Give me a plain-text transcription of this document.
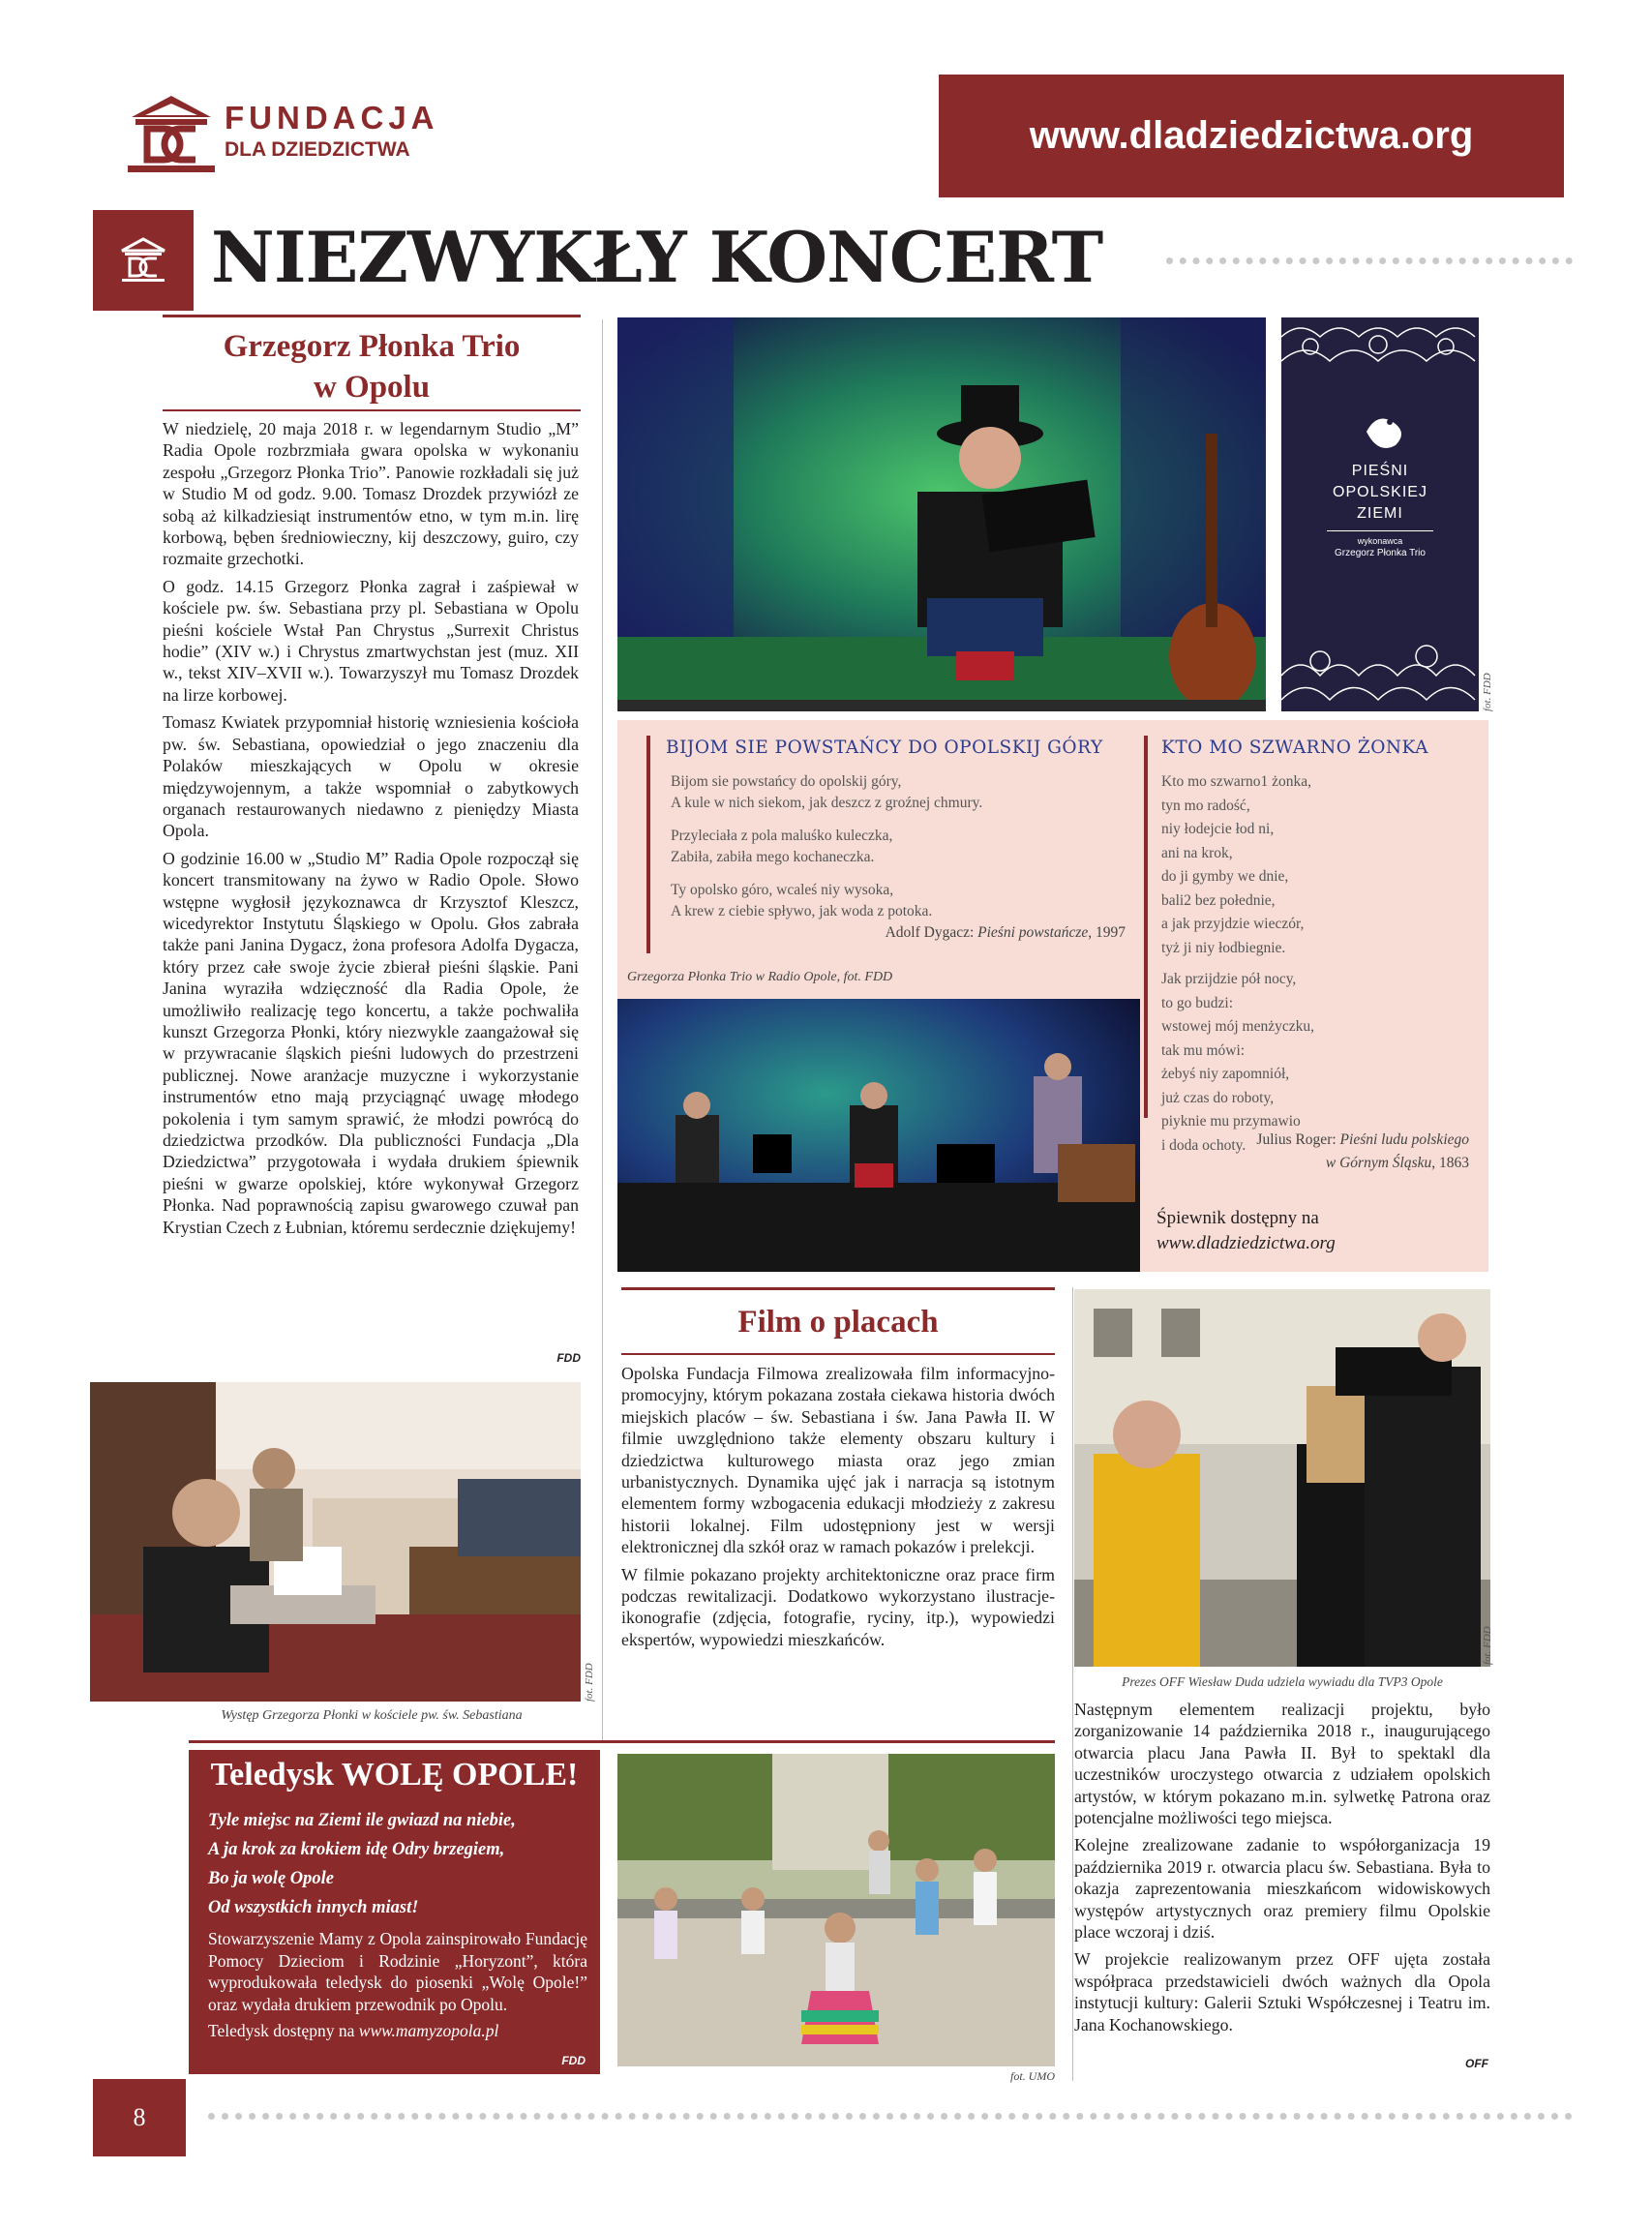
FUNDACJA
DLA DZIEDZICTWA	www.dladziedzictwa.org
NIEZWYKŁY KONCERT
Grzegorz Płonka Trio
w Opolu

W niedzielę, 20 maja 2018 r. w legendarnym Studio „M” Radia Opole rozbrzmiała gwara opolska w wykonaniu zespołu „Grzegorz Płonka Trio”. Panowie rozkładali się już w Studio M od godz. 9.00. Tomasz Drozdek przywiózł ze sobą aż kilkadziesiąt instrumentów etno, w tym m.in. lirę korbową, bęben średniowieczny, kij deszczowy, guiro, czy rozmaite grzechotki.

O godz. 14.15 Grzegorz Płonka zagrał i zaśpiewał w kościele pw. św. Sebastiana przy pl. Sebastiana w Opolu pieśni kościele Wstał Pan Chrystus „Surrexit Christus hodie” (XIV w.) i Chrystus zmartwychstan jest (muz. XII w., tekst XIV–XVII w.). Towarzyszył mu Tomasz Drozdek na lirze korbowej.

Tomasz Kwiatek przypomniał historię wzniesienia kościoła pw. św. Sebastiana, opowiedział o jego znaczeniu dla Polaków mieszkających w Opolu w okresie międzywojennym, a także wspomniał o zabytkowych organach restaurowanych niedawno z pieniędzy Miasta Opola.

O godzinie 16.00 w „Studio M” Radia Opole rozpoczął się koncert transmitowany na żywo w Radio Opole. Słowo wstępne wygłosił językoznawca dr Krzysztof Kleszcz, wicedyrektor Instytutu Śląskiego w Opolu. Głos zabrała także pani Janina Dygacz, żona profesora Adolfa Dygacza, który przez całe swoje życie zbierał pieśni śląskie. Pani Janina wyraziła wdzięczność dla Radia Opole, że umożliwiło realizację tego koncertu, a także pochwaliła kunszt Grzegorza Płonki, który niezwykle zaangażował się w przywracanie śląskich pieśni ludowych do przestrzeni publicznej. Nowe aranżacje muzyczne i wykorzystanie instrumentów etno mają przyciągnąć uwagę młodego pokolenia i tym samym sprawić, że młodzi powrócą do dziedzictwa przodków. Dla publiczności Fundacja „Dla Dziedzictwa” przygotowała i wydała drukiem śpiewnik pieśni w gwarze opolskiej, które wykonywał Grzegorz Płonka. Nad poprawnością zapisu gwarowego czuwał pan Krystian Czech z Łubnian, któremu serdecznie dziękujemy!

FDD
fot. FDD
Występ Grzegorza Płonki w kościele pw. św. Sebastiana
PIEŚNI
OPOLSKIEJ
ZIEMI
wykonawca
Grzegorz Płonka Trio
fot. FDD
BIJOM SIE POWSTAŃCY DO OPOLSKIJ GÓRY

Bijom sie powstańcy do opolskij góry,
A kule w nich siekom, jak deszcz z groźnej chmury.

Przyleciała z pola maluśko kuleczka,
Zabiła, zabiła mego kochaneczka.

Ty opolsko góro, wcaleś niy wysoka,
A krew z ciebie spływo, jak woda z potoka.

Adolf Dygacz: Pieśni powstańcze, 1997
KTO MO SZWARNO ŻONKA

Kto mo szwarno1 żonka,
tyn mo radość,
niy łodejcie łod ni,
ani na krok,
do ji gymby we dnie,
bali2 bez połednie,
a jak przyjdzie wieczór,
tyż ji niy łodbiegnie.

Jak przijdzie pół nocy,
to go budzi:
wstowej mój menżyczku,
tak mu mówi:
żebyś niy zapomniół,
już czas do roboty,
piyknie mu przymawio
i doda ochoty. Julius Roger: Pieśni ludu polskiego
w Górnym Śląsku, 1863
Śpiewnik dostępny na
www.dladziedzictwa.org
Grzegorza Płonka Trio w Radio Opole, fot. FDD
Film o placach

Opolska Fundacja Filmowa zrealizowała film informacyjno-promocyjny, którym pokazana została ciekawa historia dwóch miejskich placów – św. Sebastiana i św. Jana Pawła II. W filmie uwzględniono także elementy obszaru kultury i dziedzictwa kulturowego miasta oraz jego zmian urbanistycznych. Dynamika ujęć jak i narracja są istotnym elementem formy wzbogacenia edukacji młodzieży z zakresu historii lokalnej. Film udostępniony jest w wersji elektronicznej dla szkół oraz w ramach pokazów i prelekcji.

W filmie pokazano projekty architektoniczne oraz prace firm podczas rewitalizacji. Dodatkowo wykorzystano ilustracje-ikonografie (zdjęcia, fotografie, ryciny, itp.), wypowiedzi ekspertów, wypowiedzi mieszkańców.	fot. FDD
Prezes OFF Wiesław Duda udziela wywiadu dla TVP3 Opole

Następnym elementem realizacji projektu, było zorganizowanie 14 października 2018 r., inaugurującego otwarcia placu Jana Pawła II. Był to spektakl dla uczestników uroczystego otwarcia z udziałem opolskich artystów, w którym pokazano m.in. sylwetkę Patrona oraz potencjalne możliwości tego miejsca.

Kolejne zrealizowane zadanie to współorganizacja 19 października 2019 r. otwarcia placu św. Sebastiana. Była to okazja zaprezentowania mieszkańcom widowiskowych występów artystycznych oraz premiery filmu Opolskie place wczoraj i dziś.

W projekcie realizowanym przez OFF ujęta została współpraca przedstawicieli dwóch ważnych dla Opola instytucji kultury: Galerii Sztuki Współczesnej i Teatru im. Jana Kochanowskiego.

OFF
Teledysk WOLĘ OPOLE!
Tyle miejsc na Ziemi ile gwiazd na niebie,
A ja krok za krokiem idę Odry brzegiem,
Bo ja wolę Opole
Od wszystkich innych miast!

Stowarzyszenie Mamy z Opola zainspirowało Fundację Pomocy Dzieciom i Rodzinie „Horyzont”, która wyprodukowała teledysk do piosenki „Wolę Opole!” oraz wydała drukiem przewodnik po Opolu.

Teledysk dostępny na www.mamyzopola.pl

FDD
fot. UMO
8
